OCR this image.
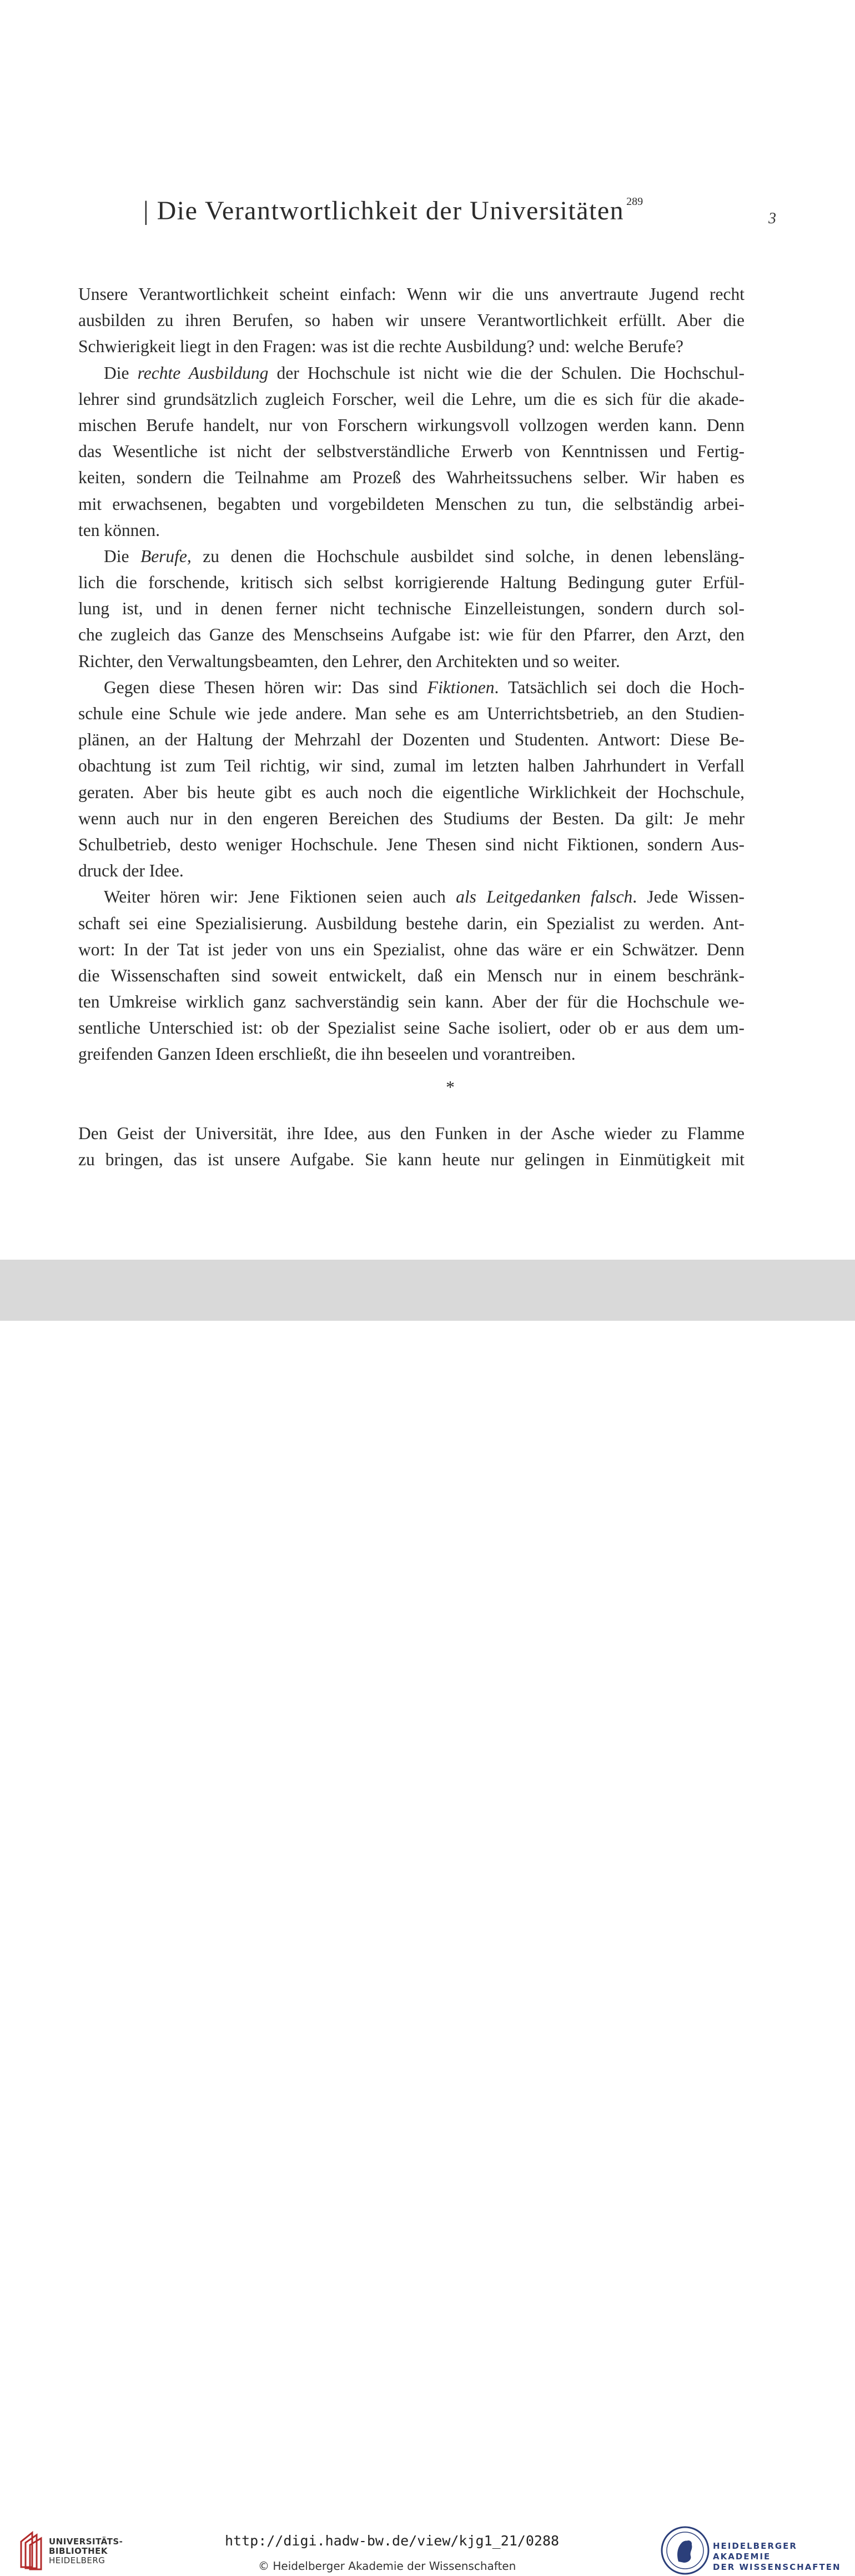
| Die Verantwortlichkeit der Universitäten $^{289}$
3
Unsere Verantwortlichkeit scheint einfach: Wenn wir die uns anvertraute Jugend recht
ausbilden zu ihren Berufen, so haben wir unsere Verantwortlichkeit erfüllt. Aber die
Schwierigkeit liegt in den Fragen: was ist die rechte Ausbildung? und: welche Berufe?
Die rechte Ausbildung der Hochschule ist nicht wie die der Schulen. Die Hochschul-
lehrer sind grundsätzlich zugleich Forscher, weil die Lehre, um die es sich für die akade-
mischen Berufe handelt, nur von Forschern wirkungsvoll vollzogen werden kann. Denn
das Wesentliche ist nicht der selbstverständliche Erwerb von Kenntnissen und Fertig-
keiten, sondern die Teilnahme am Prozeß des Wahrheitssuchens selber. Wir haben es
mit erwachsenen, begabten und vorgebildeten Menschen zu tun, die selbständig arbei-
ten können.
Die Berufe, zu denen die Hochschule ausbildet sind solche, in denen lebensläng-
lich die forschende, kritisch sich selbst korrigierende Haltung Bedingung guter Erfül-
lung ist, und in denen ferner nicht technische Einzelleistungen, sondern durch sol-
che zugleich das Ganze des Menschseins Aufgabe ist: wie für den Pfarrer, den Arzt, den
Richter, den Verwaltungsbeamten, den Lehrer, den Architekten und so weiter.
Gegen diese Thesen hören wir: Das sind Fiktionen. Tatsächlich sei doch die Hoch-
schule eine Schule wie jede andere. Man sehe es am Unterrichtsbetrieb, an den Studien-
plänen, an der Haltung der Mehrzahl der Dozenten und Studenten. Antwort: Diese Be-
obachtung ist zum Teil richtig, wir sind, zumal im letzten halben Jahrhundert in Verfall
geraten. Aber bis heute gibt es auch noch die eigentliche Wirklichkeit der Hochschule,
wenn auch nur in den engeren Bereichen des Studiums der Besten. Da gilt: Je mehr
Schulbetrieb, desto weniger Hochschule. Jene Thesen sind nicht Fiktionen, sondern Aus-
druck der Idee.
Weiter hören wir: Jene Fiktionen seien auch als Leitgedanken falsch. Jede Wissen-
schaft sei eine Spezialisierung. Ausbildung bestehe darin, ein Spezialist zu werden. Ant-
wort: In der Tat ist jeder von uns ein Spezialist, ohne das wäre er ein Schwätzer. Denn
die Wissenschaften sind soweit entwickelt, daß ein Mensch nur in einem beschränk-
ten Umkreise wirklich ganz sachverständig sein kann. Aber der für die Hochschule we-
sentliche Unterschied ist: ob der Spezialist seine Sache isoliert, oder ob er aus dem um-
greifenden Ganzen Ideen erschließt, die ihn beseelen und vorantreiben.
*
Den Geist der Universität, ihre Idee, aus den Funken in der Asche wieder zu Flamme
zu bringen, das ist unsere Aufgabe. Sie kann heute nur gelingen in Einmütigkeit mit
UNIVERSITÄTS-
BIBLIOTHEK
HEIDELBERG
http://digi.hadw-bw.de/view/kjg1_21/0288
© Heidelberger Akademie der Wissenschaften
HEIDELBERGER AKADEMIE
DER WISSENSCHAFTEN
